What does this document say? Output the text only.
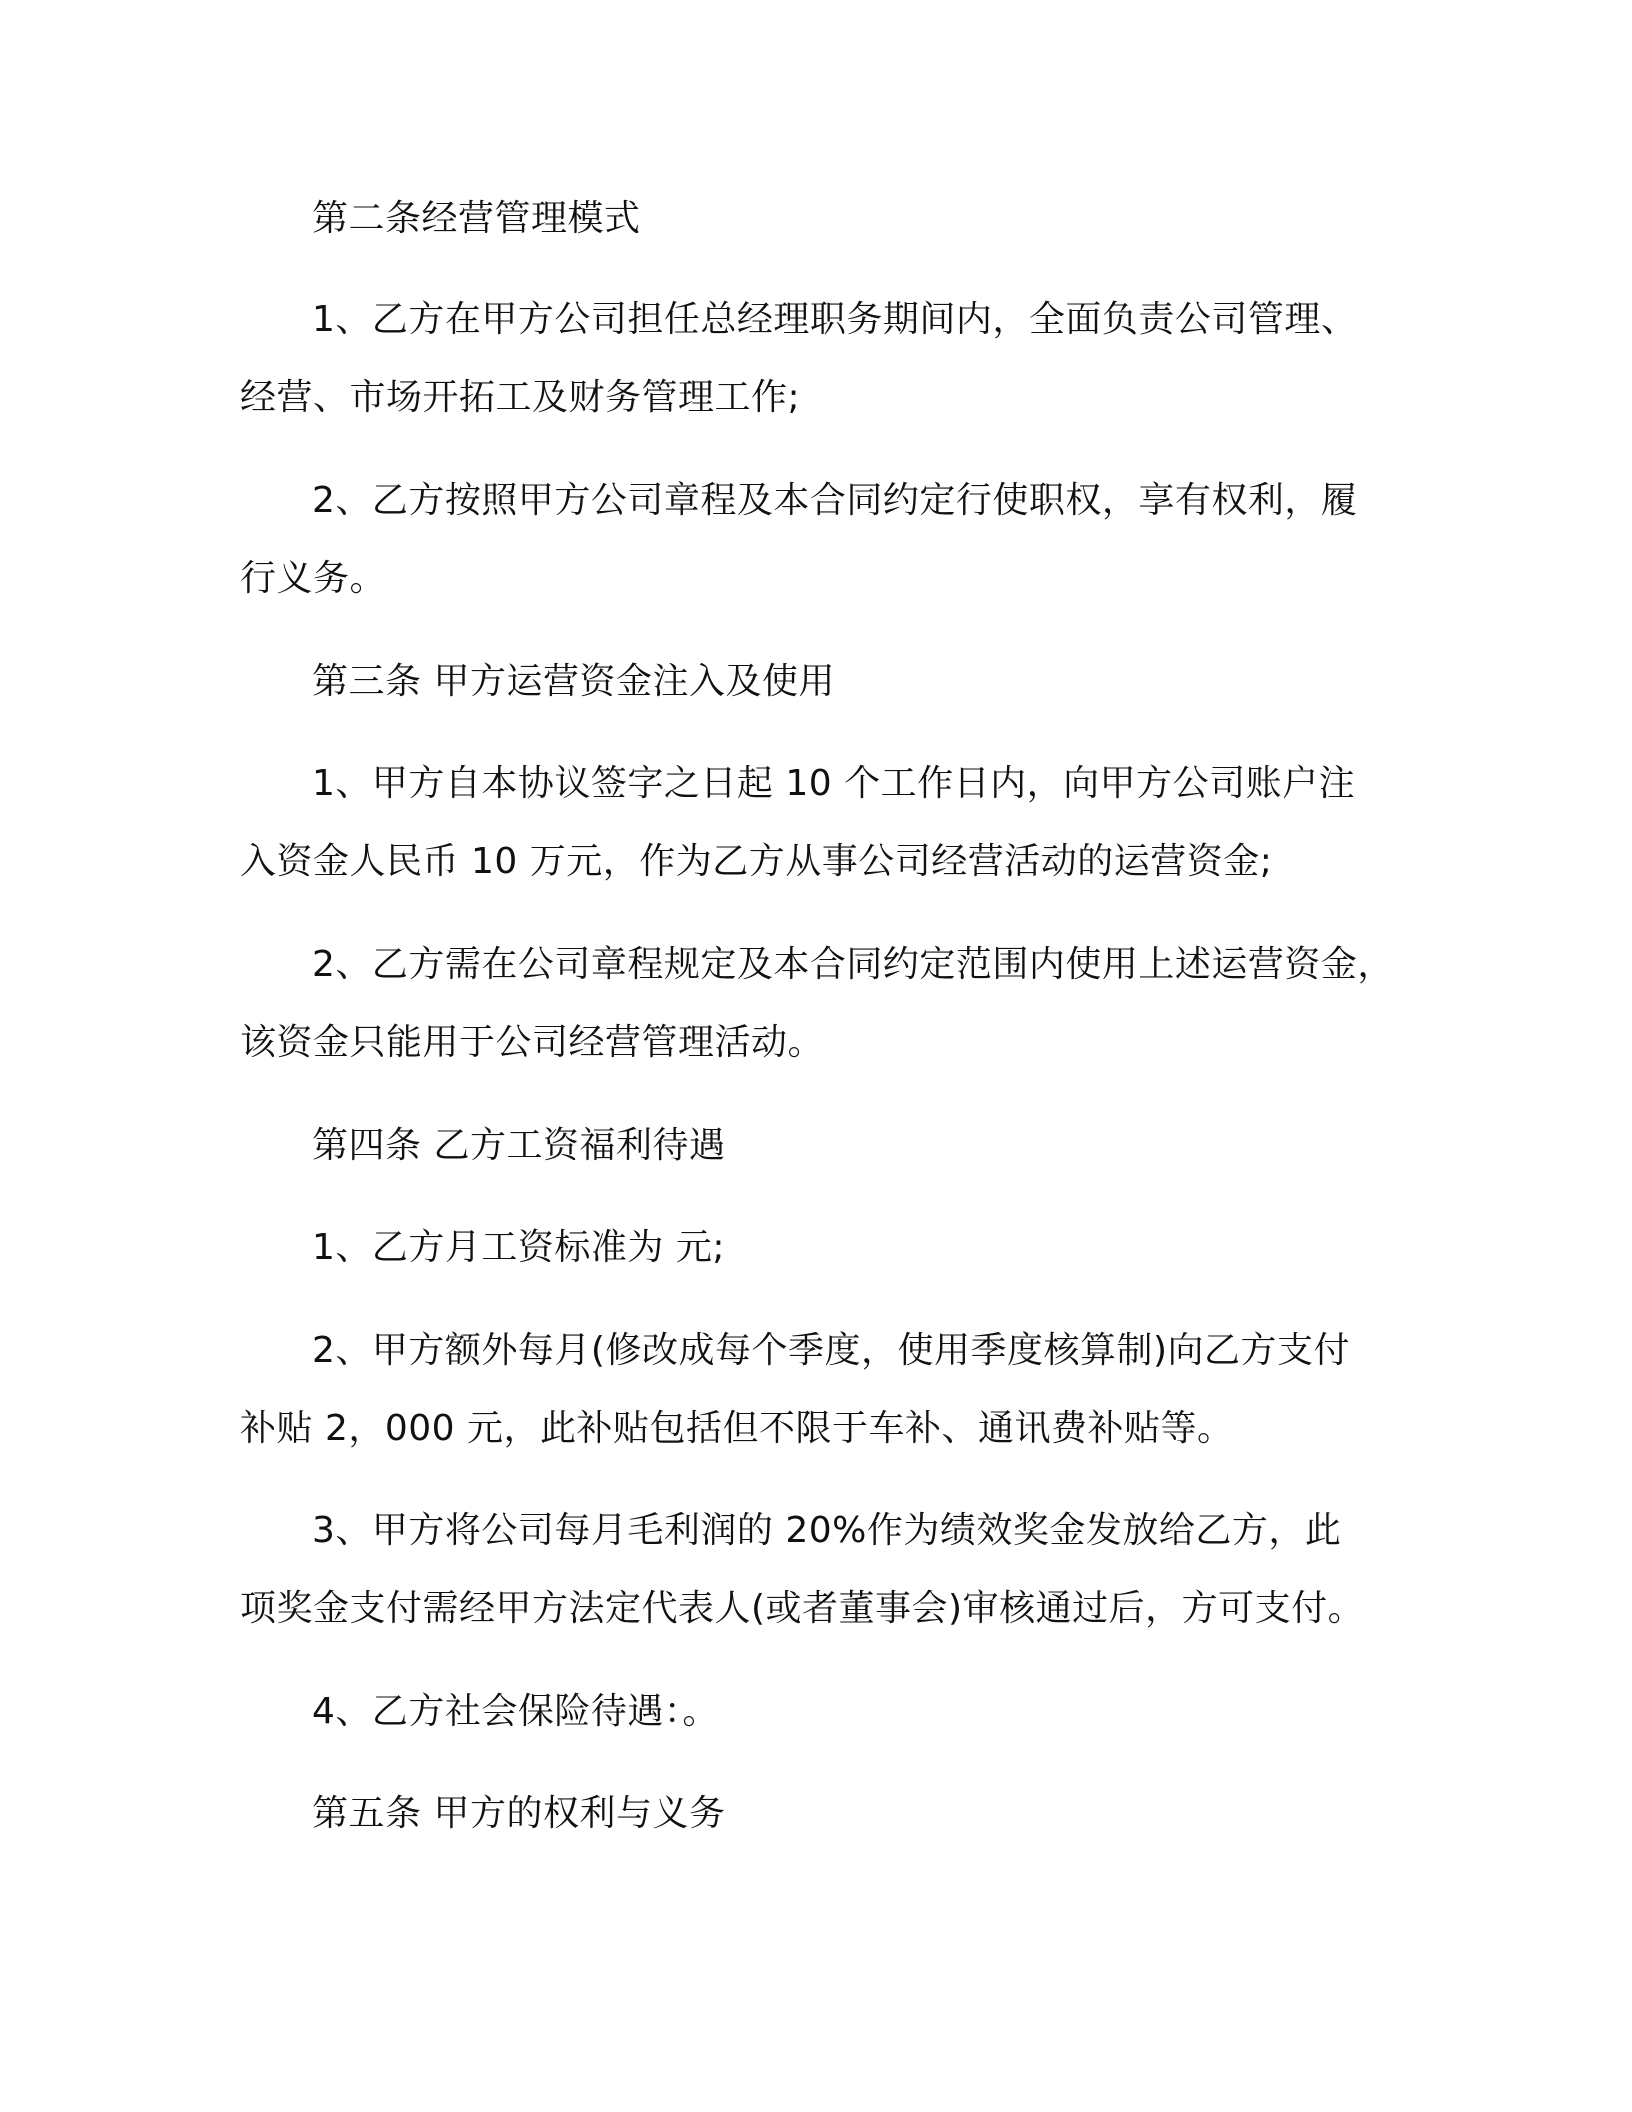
第二条经营管理模式
1、乙方在甲方公司担任总经理职务期间内，全面负责公司管理、
经营、市场开拓工及财务管理工作;
2、乙方按照甲方公司章程及本合同约定行使职权，享有权利，履
行义务。
第三条 甲方运营资金注入及使用
1、甲方自本协议签字之日起 10 个工作日内，向甲方公司账户注
入资金人民币 10 万元，作为乙方从事公司经营活动的运营资金;
2、乙方需在公司章程规定及本合同约定范围内使用上述运营资金，
该资金只能用于公司经营管理活动。
第四条 乙方工资福利待遇
1、乙方月工资标准为 元;
2、甲方额外每月(修改成每个季度，使用季度核算制)向乙方支付
补贴 2，000 元，此补贴包括但不限于车补、通讯费补贴等。
3、甲方将公司每月毛利润的 20%作为绩效奖金发放给乙方，此
项奖金支付需经甲方法定代表人(或者董事会)审核通过后，方可支付。
4、乙方社会保险待遇：。
第五条 甲方的权利与义务
